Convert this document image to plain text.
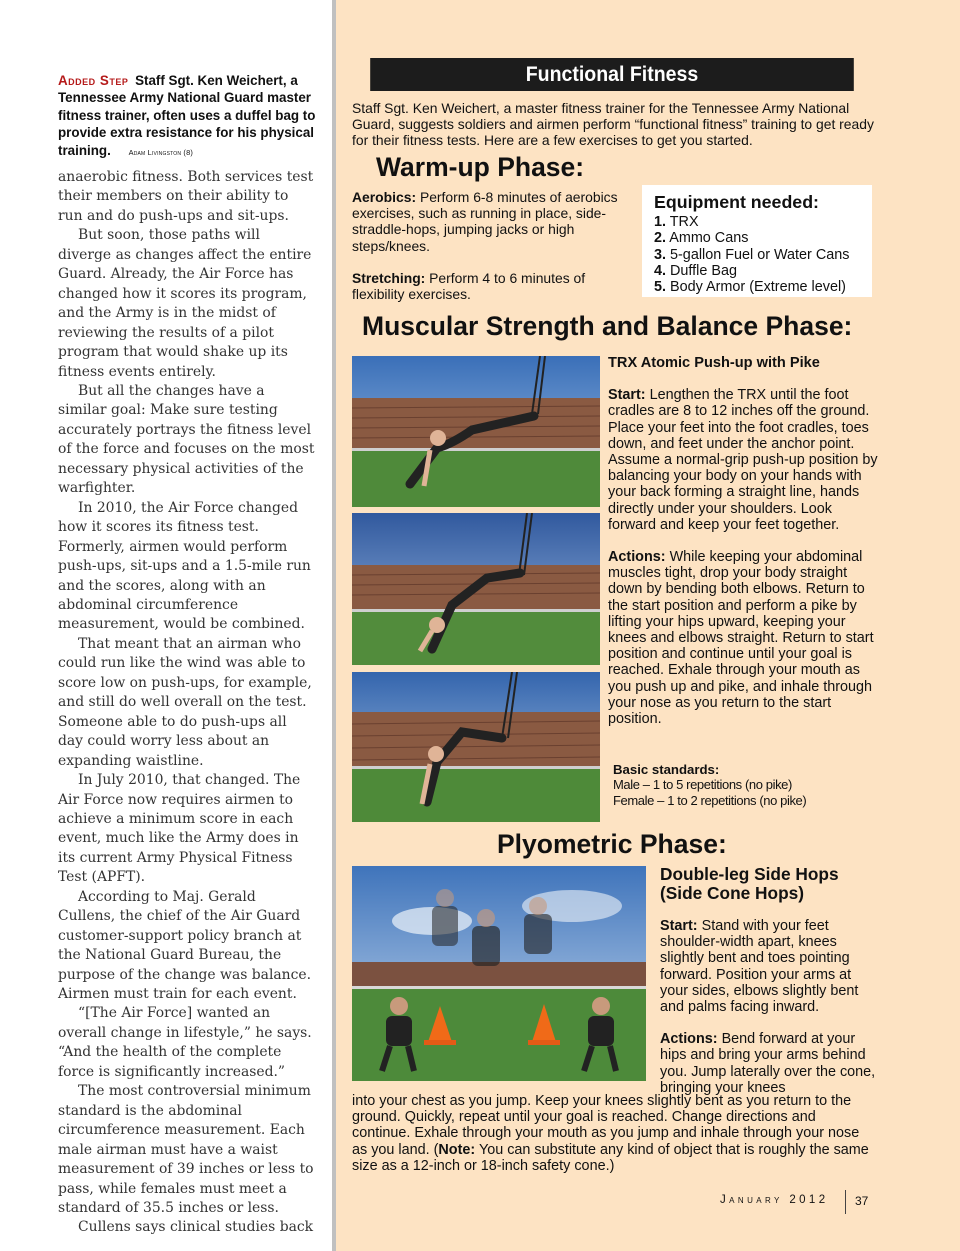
Added Step Staff Sgt. Ken Weichert, a Tennessee Army National Guard master fitness trainer, often uses a duffel bag to provide extra resistance for his physical training. Adam Livingston (8)

anaerobic fitness. Both services test their members on their ability to run and do push-ups and sit-ups.

But soon, those paths will diverge as changes affect the entire Guard. Already, the Air Force has changed how it scores its program, and the Army is in the midst of reviewing the results of a pilot program that would shake up its fitness events entirely.

But all the changes have a similar goal: Make sure testing accurately portrays the fitness level of the force and focuses on the most necessary physical activities of the warfighter.

In 2010, the Air Force changed how it scores its fitness test. Formerly, airmen would perform push-ups, sit-ups and a 1.5-mile run and the scores, along with an abdominal circumference measurement, would be combined.

That meant that an airman who could run like the wind was able to score low on push-ups, for example, and still do well overall on the test. Someone able to do push-ups all day could worry less about an expanding waistline.

In July 2010, that changed. The Air Force now requires airmen to achieve a minimum score in each event, much like the Army does in its current Army Physical Fitness Test (APFT).

According to Maj. Gerald Cullens, the chief of the Air Guard customer-support policy branch at the National Guard Bureau, the purpose of the change was balance. Airmen must train for each event.

“[The Air Force] wanted an overall change in lifestyle,” he says. “And the health of the complete force is significantly increased.”

The most controversial minimum standard is the abdominal circumference measurement. Each male airman must have a waist measurement of 39 inches or less to pass, while females must meet a standard of 35.5 inches or less.

Cullens says clinical studies back

Functional Fitness
Staff Sgt. Ken Weichert, a master fitness trainer for the Tennessee Army National Guard, suggests soldiers and airmen perform “functional fitness” training to get ready for their fitness tests. Here are a few exercises to get you started.
Warm-up Phase:

Aerobics: Perform 6-8 minutes of aerobics exercises, such as running in place, side-straddle-hops, jumping jacks or high steps/knees.

Stretching: Perform 4 to 6 minutes of flexibility exercises.

Equipment needed:
1. TRX
2. Ammo Cans
3. 5-gallon Fuel or Water Cans
4. Duffle Bag
5. Body Armor (Extreme level)
Muscular Strength and Balance Phase:
TRX Atomic Push-up with Pike

Start: Lengthen the TRX until the foot cradles are 8 to 12 inches off the ground. Place your feet into the foot cradles, toes down, and feet under the anchor point. Assume a normal-grip push-up position by balancing your body on your hands with your back forming a straight line, hands directly under your shoulders. Look forward and keep your feet together.

Actions: While keeping your abdominal muscles tight, drop your body straight down by bending both elbows. Return to the start position and perform a pike by lifting your hips upward, keeping your knees and elbows straight. Return to start position and continue until your goal is reached. Exhale through your mouth as you push up and pike, and inhale through your nose as you return to the start position.

Basic standards:
Male – 1 to 5 repetitions (no pike)
Female – 1 to 2 repetitions (no pike)
Plyometric Phase:
Double-leg Side Hops
(Side Cone Hops)

Start: Stand with your feet shoulder-width apart, knees slightly bent and toes pointing forward. Position your arms at your sides, elbows slightly bent and palms facing inward.

Actions: Bend forward at your hips and bring your arms behind you. Jump laterally over the cone, bringing your knees

into your chest as you jump. Keep your knees slightly bent as you return to the ground. Quickly, repeat until your goal is reached. Change directions and continue. Exhale through your mouth as you jump and inhale through your nose as you land. (Note: You can substitute any kind of object that is roughly the same size as a 12-inch or 18-inch safety cone.)
January 2012 37
